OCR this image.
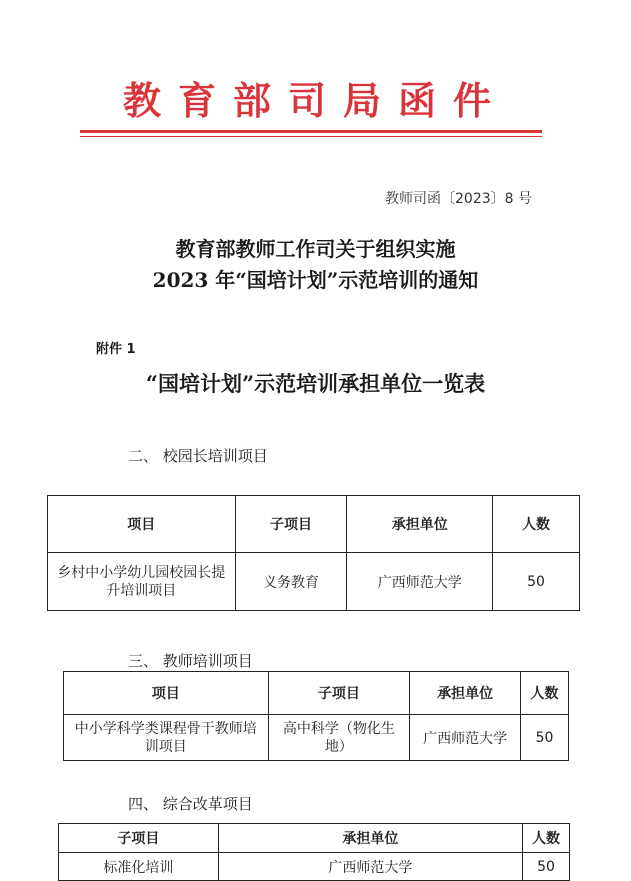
教育部司局函件
教师司函〔2023〕8 号
教育部教师工作司关于组织实施
2023 年“国培计划”示范培训的通知
附件 1
“国培计划”示范培训承担单位一览表
二、 校园长培训项目
项目	子项目	承担单位	人数
乡村中小学幼儿园校园长提升培训项目	义务教育	广西师范大学	50
三、 教师培训项目
项目	子项目	承担单位	人数
中小学科学类课程骨干教师培训项目	高中科学（物化生地）	广西师范大学	50
四、 综合改革项目
子项目	承担单位	人数
标准化培训	广西师范大学	50
